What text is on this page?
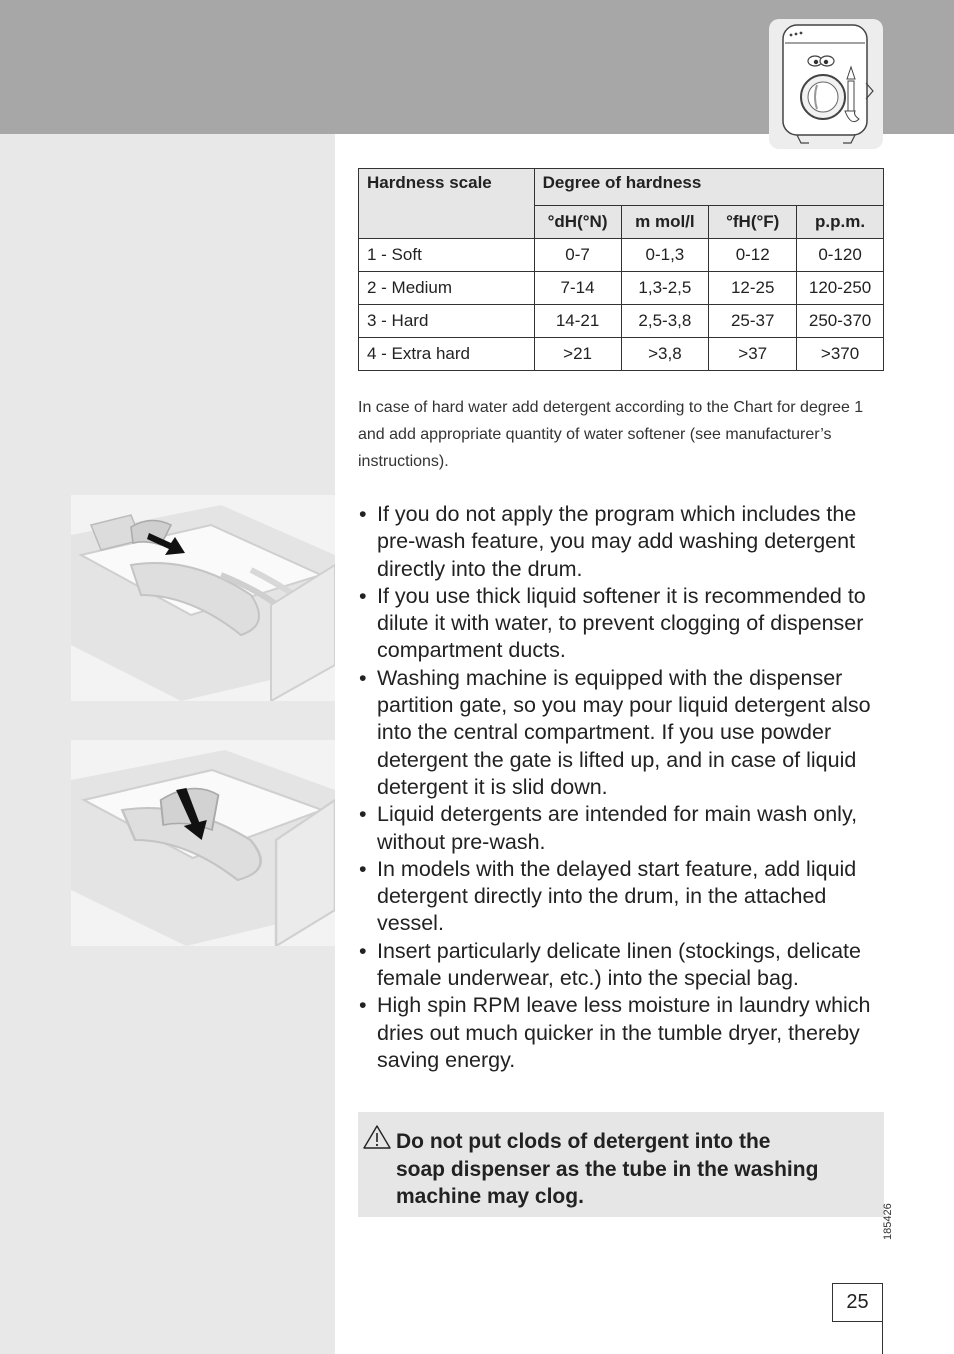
Hardness scale	Degree of hardness			
	°dH(°N)	m mol/l	°fH(°F)	p.p.m.
1 - Soft	0-7	0-1,3	0-12	0-120
2 - Medium	7-14	1,3-2,5	12-25	120-250
3 - Hard	14-21	2,5-3,8	25-37	250-370
4 - Extra hard	>21	>3,8	>37	>370

In case of hard water add detergent according to the Chart for degree 1 and add appropriate quantity of water softener (see manufacturer’s instructions).

• If you do not apply the program which includes the pre-wash feature, you may add washing detergent directly into the drum.
• If you use thick liquid softener it is recommended to dilute it with water, to prevent clogging of dispenser compartment ducts.
• Washing machine is equipped with the dispenser partition gate, so you may pour liquid detergent also into the central compartment. If you use powder detergent the gate is lifted up, and in case of liquid detergent it is slid down.
• Liquid detergents are intended for main wash only, without pre-wash.
• In models with the delayed start feature, add liquid detergent directly into the drum, in the attached vessel.
• Insert particularly delicate linen (stockings, delicate female underwear, etc.) into the special bag.
• High spin RPM leave less moisture in laundry which dries out much quicker in the tumble dryer, thereby saving energy.
Do not put clods of detergent into the
soap dispenser as the tube in the washing
machine may clog.
185426
25
